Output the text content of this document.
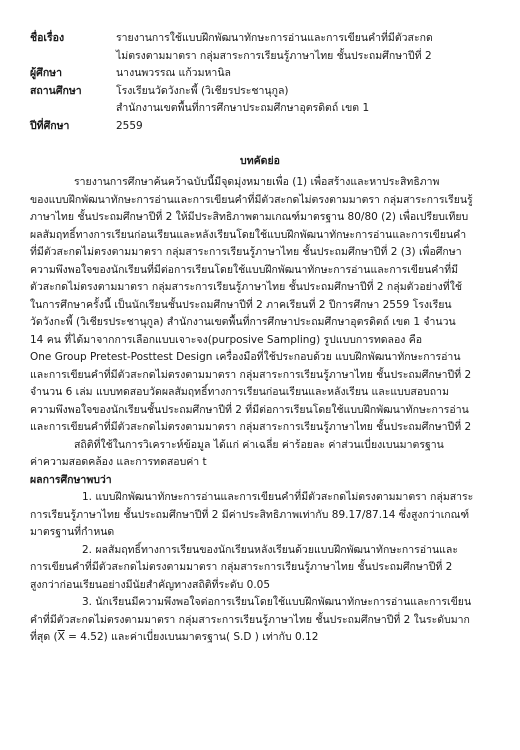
ชื่อเรื่อง	รายงานการใช้แบบฝึกพัฒนาทักษะการอ่านและการเขียนคำที่มีตัวสะกด
ไม่ตรงตามมาตรา กลุ่มสาระการเรียนรู้ภาษาไทย ชั้นประถมศึกษาปีที่ 2
ผู้ศึกษา	นางนพวรรณ แก้วมหานิล
สถานศึกษา	โรงเรียนวัดวังกะพี้ (วิเชียรประชานุกูล)
สำนักงานเขตพื้นที่การศึกษาประถมศึกษาอุตรดิตถ์ เขต 1
ปีที่ศึกษา	2559
บทคัดย่อ
รายงานการศึกษาค้นคว้าฉบับนี้มีจุดมุ่งหมายเพื่อ (1) เพื่อสร้างและหาประสิทธิภาพ
ของแบบฝึกพัฒนาทักษะการอ่านและการเขียนคำที่มีตัวสะกดไม่ตรงตามมาตรา กลุ่มสาระการเรียนรู้
ภาษาไทย ชั้นประถมศึกษาปีที่ 2 ให้มีประสิทธิภาพตามเกณฑ์มาตรฐาน 80/80 (2) เพื่อเปรียบเทียบ
ผลสัมฤทธิ์ทางการเรียนก่อนเรียนและหลังเรียนโดยใช้แบบฝึกพัฒนาทักษะการอ่านและการเขียนคำ
ที่มีตัวสะกดไม่ตรงตามมาตรา กลุ่มสาระการเรียนรู้ภาษาไทย ชั้นประถมศึกษาปีที่ 2 (3) เพื่อศึกษา
ความพึงพอใจของนักเรียนที่มีต่อการเรียนโดยใช้แบบฝึกพัฒนาทักษะการอ่านและการเขียนคำที่มี
ตัวสะกดไม่ตรงตามมาตรา กลุ่มสาระการเรียนรู้ภาษาไทย ชั้นประถมศึกษาปีที่ 2 กลุ่มตัวอย่างที่ใช้
ในการศึกษาครั้งนี้ เป็นนักเรียนชั้นประถมศึกษาปีที่ 2 ภาคเรียนที่ 2 ปีการศึกษา 2559 โรงเรียน
วัดวังกะพี้ (วิเชียรประชานุกูล) สำนักงานเขตพื้นที่การศึกษาประถมศึกษาอุตรดิตถ์ เขต 1 จำนวน
14 คน ที่ได้มาจากการเลือกแบบเจาะจง(purposive Sampling) รูปแบบการทดลอง คือ
One Group Pretest-Posttest Design เครื่องมือที่ใช้ประกอบด้วย แบบฝึกพัฒนาทักษะการอ่าน
และการเขียนคำที่มีตัวสะกดไม่ตรงตามมาตรา กลุ่มสาระการเรียนรู้ภาษาไทย ชั้นประถมศึกษาปีที่ 2
จำนวน 6 เล่ม แบบทดสอบวัดผลสัมฤทธิ์ทางการเรียนก่อนเรียนและหลังเรียน และแบบสอบถาม
ความพึงพอใจของนักเรียนชั้นประถมศึกษาปีที่ 2 ที่มีต่อการเรียนโดยใช้แบบฝึกพัฒนาทักษะการอ่าน
และการเขียนคำที่มีตัวสะกดไม่ตรงตามมาตรา กลุ่มสาระการเรียนรู้ภาษาไทย ชั้นประถมศึกษาปีที่ 2
สถิติที่ใช้ในการวิเคราะห์ข้อมูล ได้แก่ ค่าเฉลี่ย ค่าร้อยละ ค่าส่วนเบี่ยงเบนมาตรฐาน
ค่าความสอดคล้อง และการทดสอบค่า t
ผลการศึกษาพบว่า
1. แบบฝึกพัฒนาทักษะการอ่านและการเขียนคำที่มีตัวสะกดไม่ตรงตามมาตรา กลุ่มสาระ
การเรียนรู้ภาษาไทย ชั้นประถมศึกษาปีที่ 2 มีค่าประสิทธิภาพเท่ากับ 89.17/87.14 ซึ่งสูงกว่าเกณฑ์
มาตรฐานที่กำหนด
2. ผลสัมฤทธิ์ทางการเรียนของนักเรียนหลังเรียนด้วยแบบฝึกพัฒนาทักษะการอ่านและ
การเขียนคำที่มีตัวสะกดไม่ตรงตามมาตรา กลุ่มสาระการเรียนรู้ภาษาไทย ชั้นประถมศึกษาปีที่ 2
สูงกว่าก่อนเรียนอย่างมีนัยสำคัญทางสถิติที่ระดับ 0.05
3. นักเรียนมีความพึงพอใจต่อการเรียนโดยใช้แบบฝึกพัฒนาทักษะการอ่านและการเขียน
คำที่มีตัวสะกดไม่ตรงตามมาตรา กลุ่มสาระการเรียนรู้ภาษาไทย ชั้นประถมศึกษาปีที่ 2 ในระดับมาก
ที่สุด $(\overline{X} = 4.52)$ และค่าเบี่ยงเบนมาตรฐาน( S.D ) เท่ากับ 0.12
